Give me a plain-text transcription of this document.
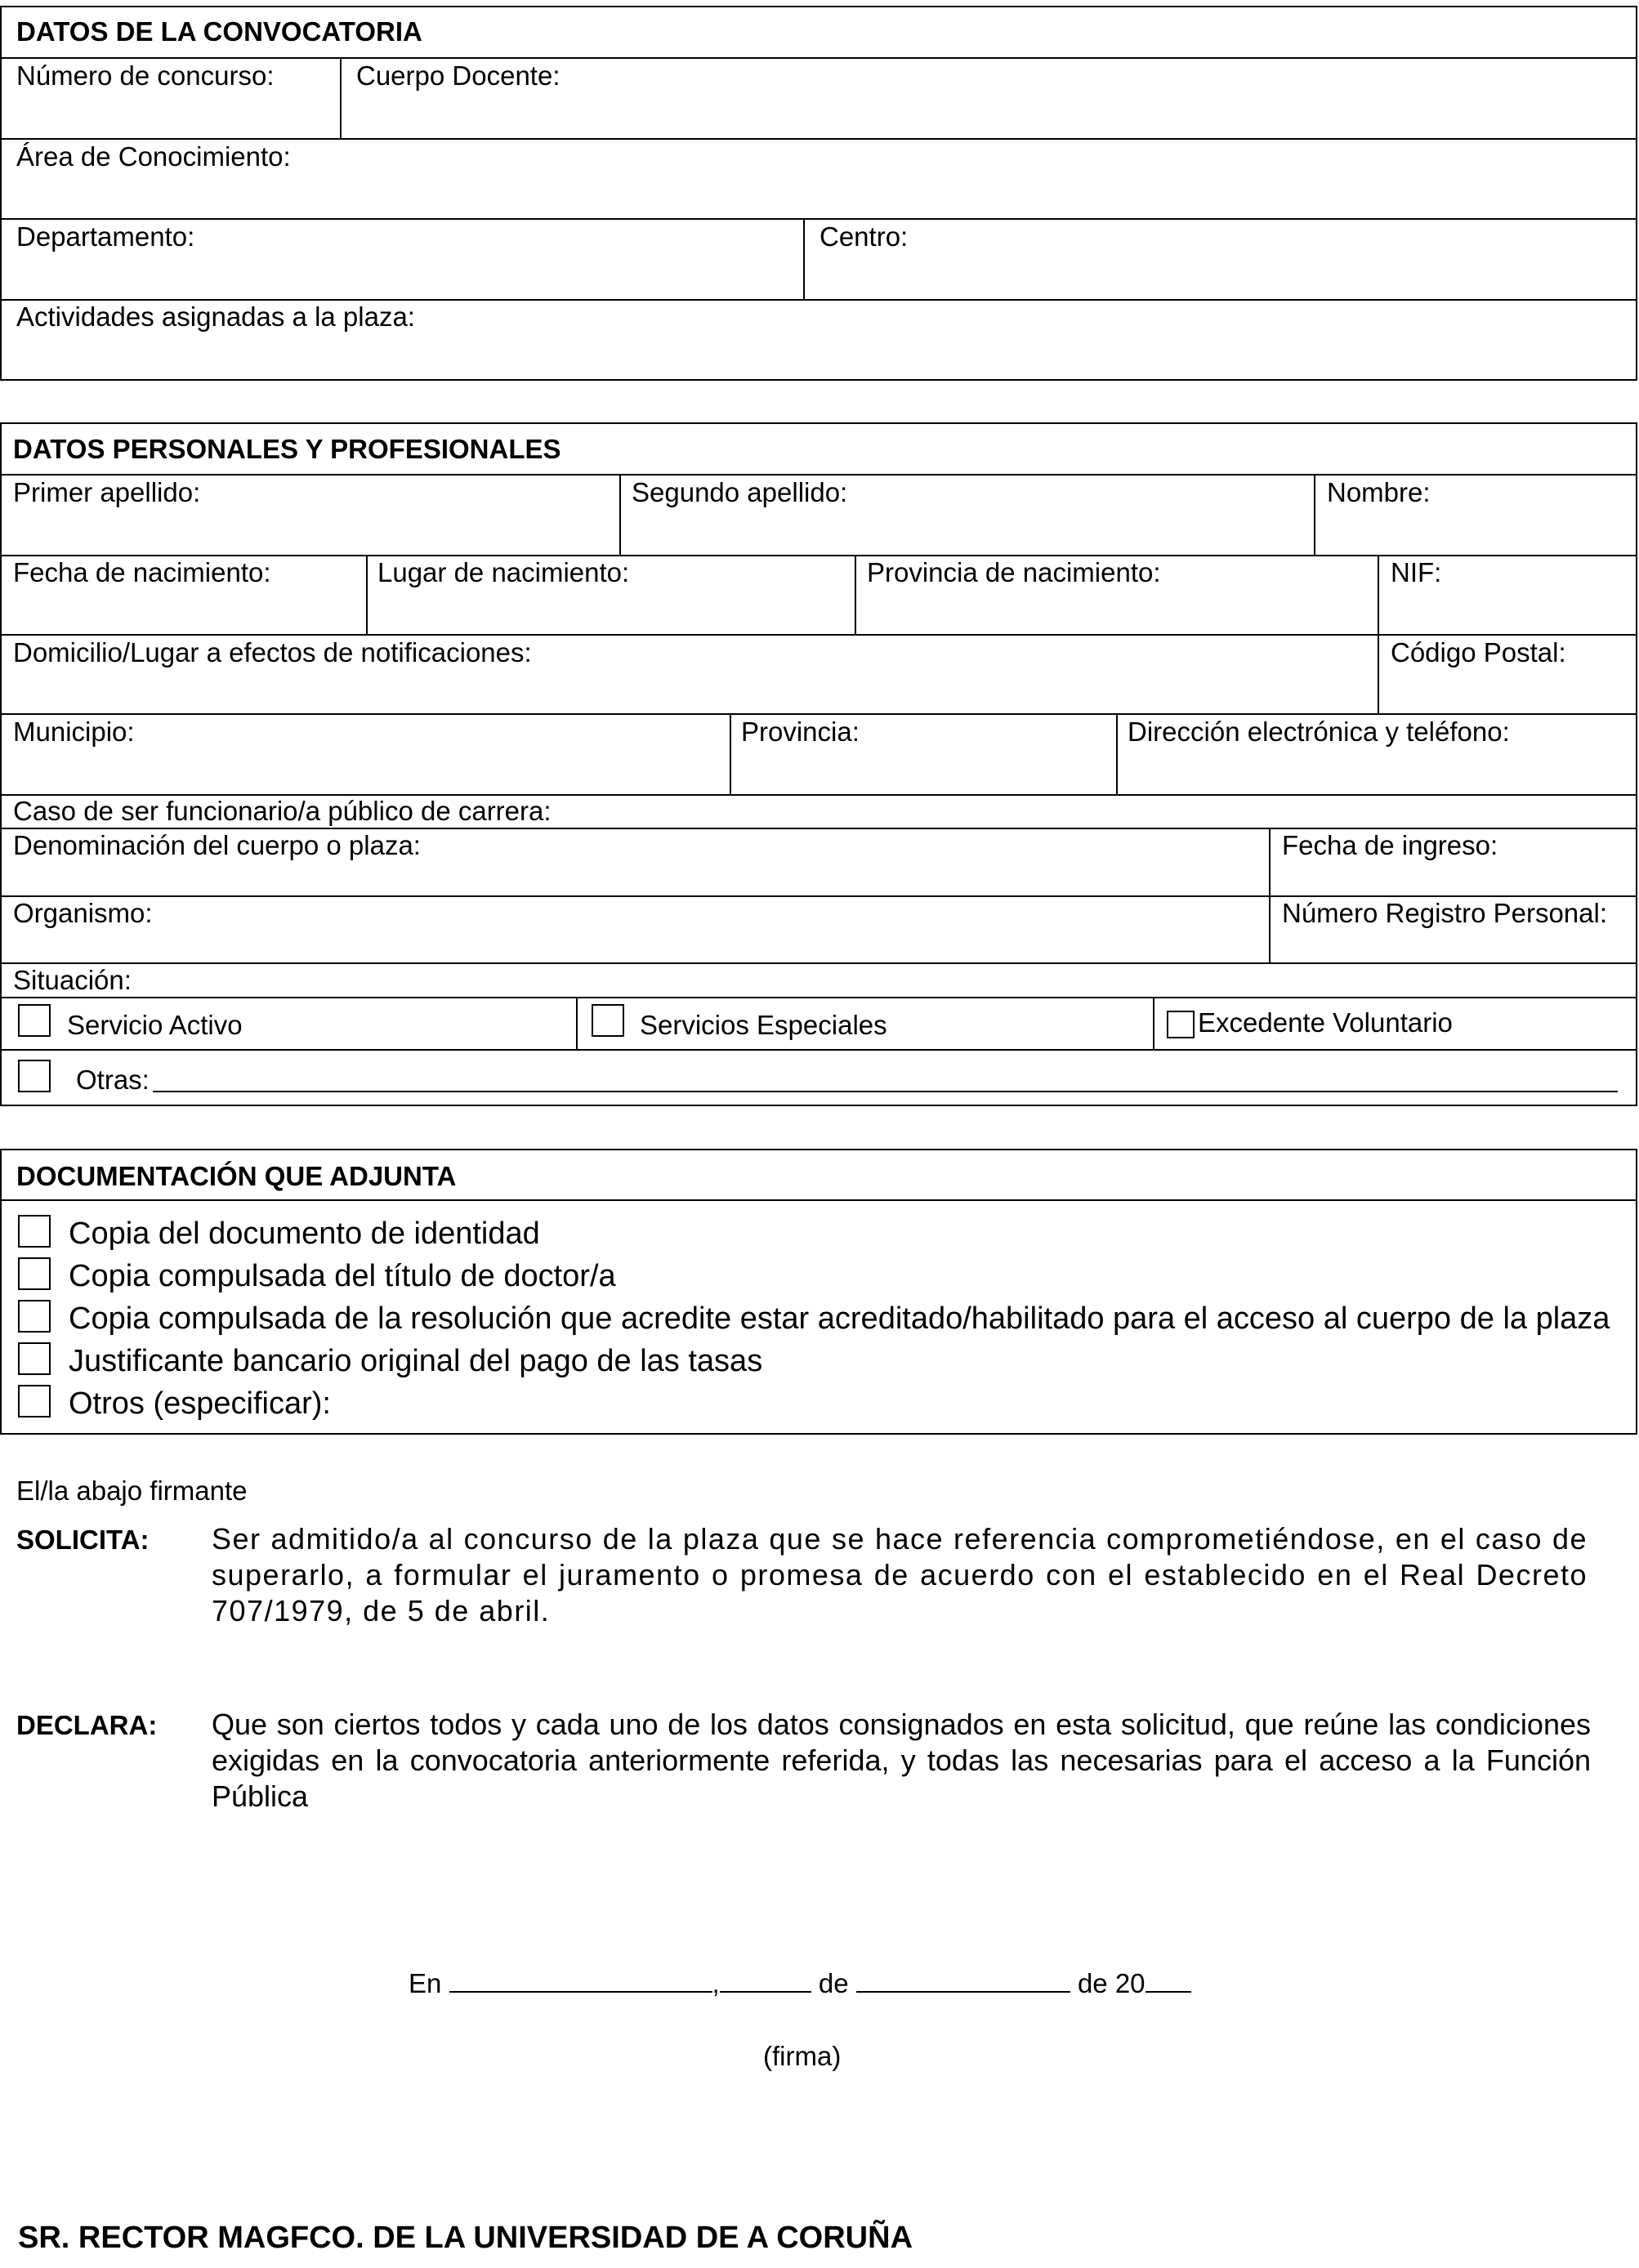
DATOS DE LA CONVOCATORIA
Número de concurso:	Cuerpo Docente:
Área de Conocimiento:
Departamento:	Centro:
Actividades asignadas a la plaza:
DATOS PERSONALES Y PROFESIONALES
Primer apellido:	Segundo apellido:	Nombre:
Fecha de nacimiento:	Lugar de nacimiento:	Provincia de nacimiento:	NIF:
Domicilio/Lugar a efectos de notificaciones:	Código Postal:
Municipio:	Provincia:	Dirección electrónica y teléfono:
Caso de ser funcionario/a público de carrera:
Denominación del cuerpo o plaza:	Fecha de ingreso:
Organismo:	Número Registro Personal:
Situación:
Servicio Activo	Servicios Especiales	Excedente Voluntario
Otras:
DOCUMENTACIÓN QUE ADJUNTA
Copia del documento de identidad
Copia compulsada del título de doctor/a
Copia compulsada de la resolución que acredite estar acreditado/habilitado para el acceso al cuerpo de la plaza
Justificante bancario original del pago de las tasas
Otros (especificar):
El/la abajo firmante
SOLICITA: Ser admitido/a al concurso de la plaza que se hace referencia comprometiéndose, en el caso de superarlo, a formular el juramento o promesa de acuerdo con el establecido en el Real Decreto 707/1979, de 5 de abril.
DECLARA: Que son ciertos todos y cada uno de los datos consignados en esta solicitud, que reúne las condiciones exigidas en la convocatoria anteriormente referida, y todas las necesarias para el acceso a la Función Pública
En	,	de	de 20
(firma)
SR. RECTOR MAGFCO. DE LA UNIVERSIDAD DE A CORUÑA
